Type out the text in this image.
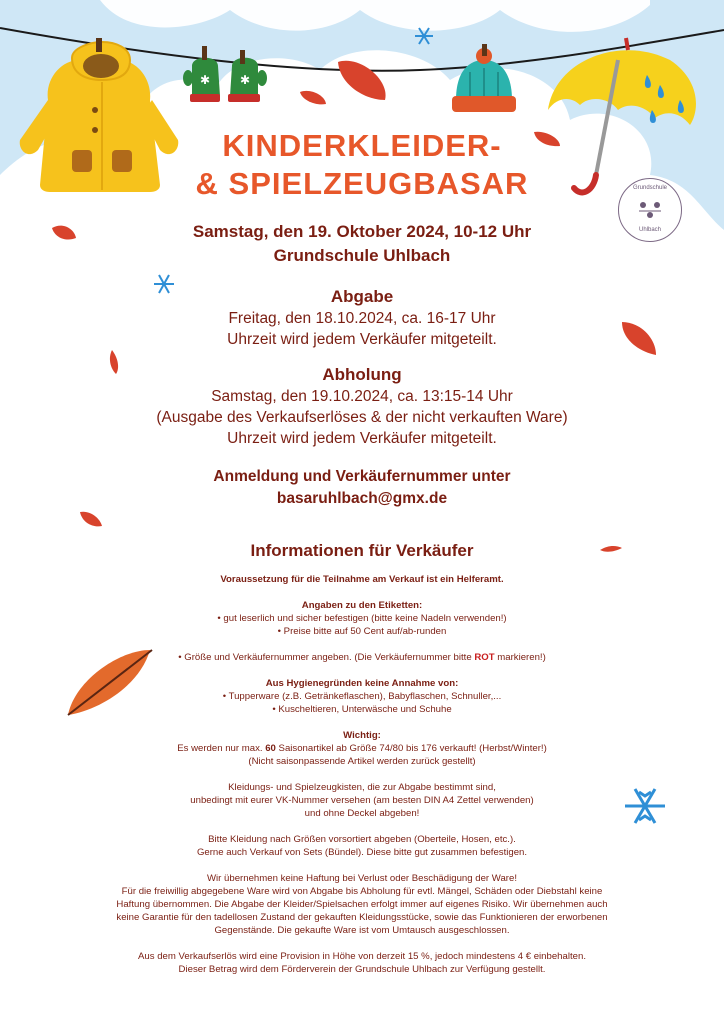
✱ ✱
Grundschule
Uhlbach
KINDERKLEIDER-
& SPIELZEUGBASAR
Samstag, den 19. Oktober 2024, 10-12 Uhr
Grundschule Uhlbach
Abgabe
Freitag, den 18.10.2024, ca. 16-17 Uhr
Uhrzeit wird jedem Verkäufer mitgeteilt.
Abholung
Samstag, den 19.10.2024, ca. 13:15-14 Uhr
(Ausgabe des Verkaufserlöses & der nicht verkauften Ware)
Uhrzeit wird jedem Verkäufer mitgeteilt.
Anmeldung und Verkäufernummer unter
basaruhlbach@gmx.de
Informationen für Verkäufer
Voraussetzung für die Teilnahme am Verkauf ist ein Helferamt.
Angaben zu den Etiketten:
• gut leserlich und sicher befestigen (bitte keine Nadeln verwenden!)
• Preise bitte auf 50 Cent auf/ab-runden
• Größe und Verkäufernummer angeben. (Die Verkäufernummer bitte ROT markieren!)
Aus Hygienegründen keine Annahme von:
• Tupperware (z.B. Getränkeflaschen), Babyflaschen, Schnuller,...
• Kuscheltieren, Unterwäsche und Schuhe
Wichtig:
Es werden nur max. 60 Saisonartikel ab Größe 74/80 bis 176 verkauft! (Herbst/Winter!)
(Nicht saisonpassende Artikel werden zurück gestellt)
Kleidungs- und Spielzeugkisten, die zur Abgabe bestimmt sind,
unbedingt mit eurer VK-Nummer versehen (am besten DIN A4 Zettel verwenden)
und ohne Deckel abgeben!
Bitte Kleidung nach Größen vorsortiert abgeben (Oberteile, Hosen, etc.).
Gerne auch Verkauf von Sets (Bündel). Diese bitte gut zusammen befestigen.
Wir übernehmen keine Haftung bei Verlust oder Beschädigung der Ware!
Für die freiwillig abgegebene Ware wird von Abgabe bis Abholung für evtl. Mängel, Schäden oder Diebstahl keine
Haftung übernommen. Die Abgabe der Kleider/Spielsachen erfolgt immer auf eigenes Risiko. Wir übernehmen auch
keine Garantie für den tadellosen Zustand der gekauften Kleidungsstücke, sowie das Funktionieren der erworbenen
Gegenstände. Die gekaufte Ware ist vom Umtausch ausgeschlossen.
Aus dem Verkaufserlös wird eine Provision in Höhe von derzeit 15 %, jedoch mindestens 4 € einbehalten.
Dieser Betrag wird dem Förderverein der Grundschule Uhlbach zur Verfügung gestellt.
